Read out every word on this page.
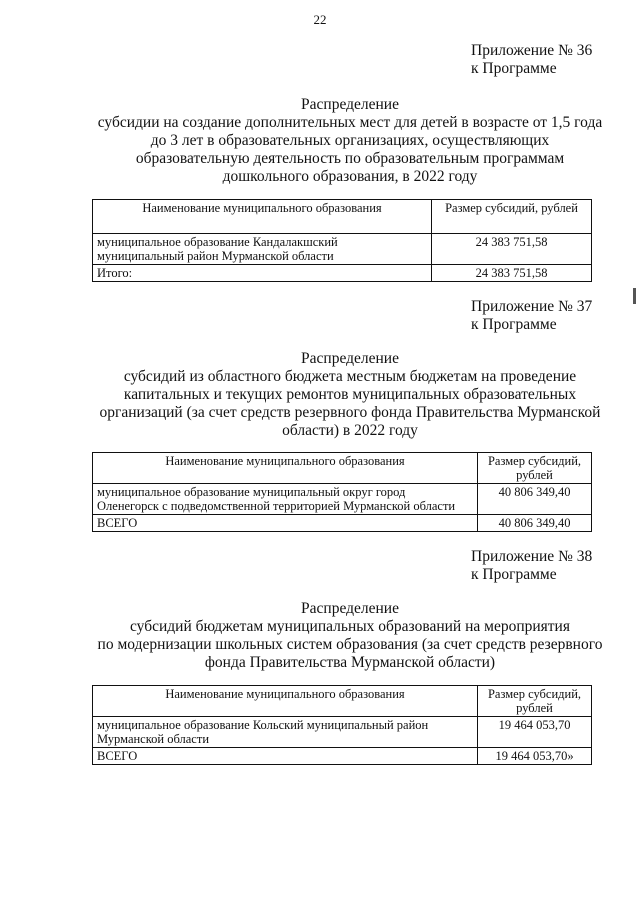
22
Приложение № 36
к Программе
Распределение
субсидии на создание дополнительных мест для детей в возрасте от 1,5 года
до 3 лет в образовательных организациях, осуществляющих
образовательную деятельность по образовательным программам
дошкольного образования, в 2022 году
Наименование муниципального образования	Размер субсидий, рублей

муниципальное образование Кандалакшский
муниципальный район Мурманской области	24 383 751,58
Итого:	24 383 751,58
Приложение № 37
к Программе
Распределение
субсидий из областного бюджета местным бюджетам на проведение
капитальных и текущих ремонтов муниципальных образовательных
организаций (за счет средств резервного фонда Правительства Мурманской
области) в 2022 году
Наименование муниципального образования	Размер субсидий,
рублей

муниципальное образование муниципальный округ город
Оленегорск с подведомственной территорией Мурманской области	40 806 349,40
ВСЕГО	40 806 349,40
Приложение № 38
к Программе
Распределение
субсидий бюджетам муниципальных образований на мероприятия
по модернизации школьных систем образования (за счет средств резервного
фонда Правительства Мурманской области)
Наименование муниципального образования	Размер субсидий,
рублей

муниципальное образование Кольский муниципальный район
Мурманской области	19 464 053,70
ВСЕГО	19 464 053,70»
